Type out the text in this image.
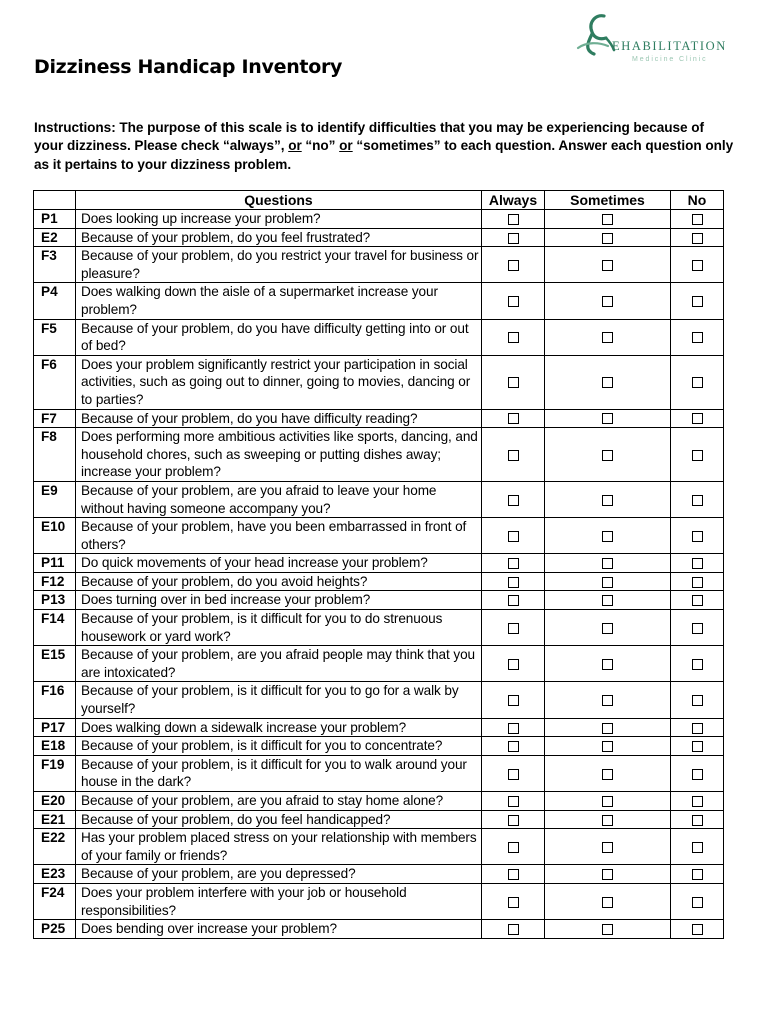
EHABILITATION
Medicine Clinic
Dizziness Handicap Inventory
Instructions: The purpose of this scale is to identify difficulties that you may be experiencing because of your dizziness. Please check “always”, or “no” or “sometimes” to each question. Answer each question only as it pertains to your dizziness problem.
	Questions	Always	Sometimes	No
P1	Does looking up increase your problem?			
E2	Because of your problem, do you feel frustrated?			
F3	Because of your problem, do you restrict your travel for business or pleasure?			
P4	Does walking down the aisle of a supermarket increase your problem?			
F5	Because of your problem, do you have difficulty getting into or out of bed?			
F6	Does your problem significantly restrict your participation in social activities, such as going out to dinner, going to movies, dancing or to parties?			
F7	Because of your problem, do you have difficulty reading?			
F8	Does performing more ambitious activities like sports, dancing, and household chores, such as sweeping or putting dishes away; increase your problem?			
E9	Because of your problem, are you afraid to leave your home without having someone accompany you?			
E10	Because of your problem, have you been embarrassed in front of others?			
P11	Do quick movements of your head increase your problem?			
F12	Because of your problem, do you avoid heights?			
P13	Does turning over in bed increase your problem?			
F14	Because of your problem, is it difficult for you to do strenuous housework or yard work?			
E15	Because of your problem, are you afraid people may think that you are intoxicated?			
F16	Because of your problem, is it difficult for you to go for a walk by yourself?			
P17	Does walking down a sidewalk increase your problem?			
E18	Because of your problem, is it difficult for you to concentrate?			
F19	Because of your problem, is it difficult for you to walk around your house in the dark?			
E20	Because of your problem, are you afraid to stay home alone?			
E21	Because of your problem, do you feel handicapped?			
E22	Has your problem placed stress on your relationship with members of your family or friends?			
E23	Because of your problem, are you depressed?			
F24	Does your problem interfere with your job or household responsibilities?			
P25	Does bending over increase your problem?			
